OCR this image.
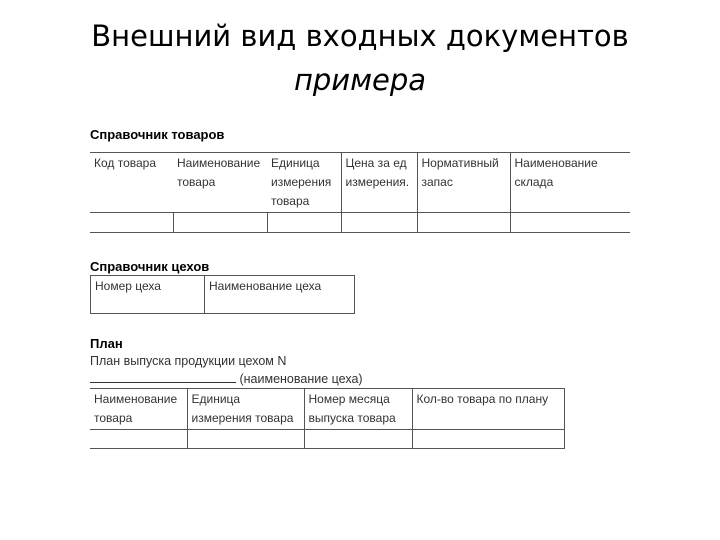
Внешний вид входных документов
примера

Справочник товаров

Код товара	Наименование товара	Единица измерения товара	Цена за ед измерения.	Нормативный запас	Наименование склада

Справочник цехов

Номер цеха	Наименование цеха

План

План выпуска продукции цехом N

(наименование цеха)

Наименование товара	Единица измерения товара	Номер месяца выпуска товара	Кол-во товара по плану
